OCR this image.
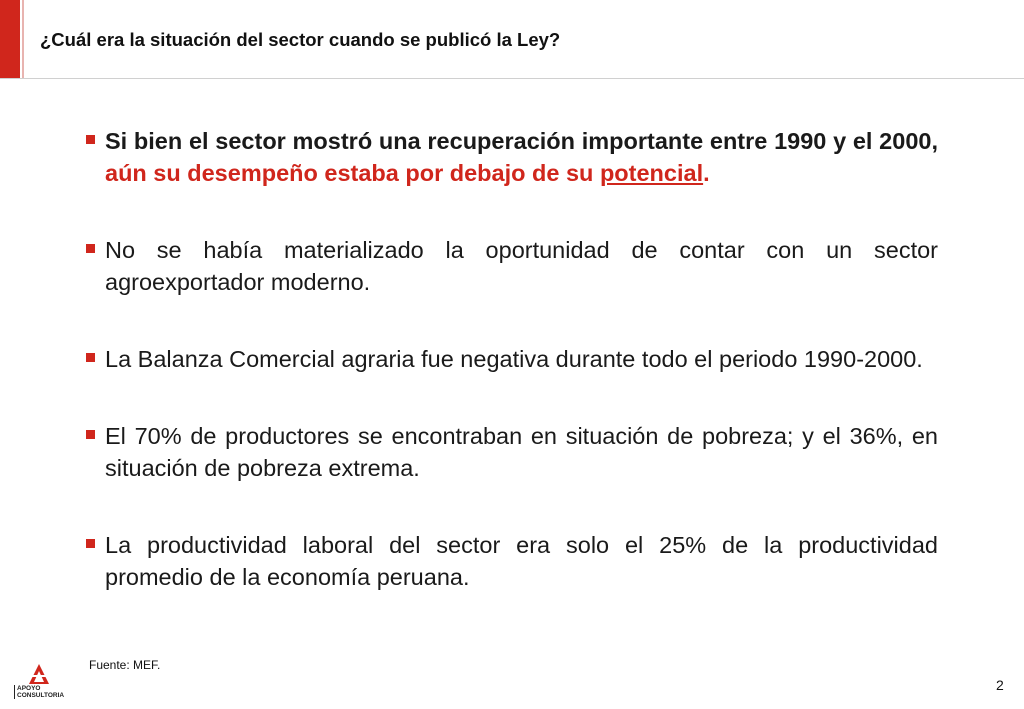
¿Cuál era la situación del sector cuando se publicó la Ley?
Si bien el sector mostró una recuperación importante entre 1990 y el 2000, aún su desempeño estaba por debajo de su potencial.
No se había materializado la oportunidad de contar con un sector agroexportador moderno.
La Balanza Comercial agraria fue negativa durante todo el periodo 1990-2000.
El 70% de productores se encontraban en situación de pobreza; y el 36%, en situación de pobreza extrema.
La productividad laboral del sector era solo el 25% de la productividad promedio de la economía peruana.
Fuente: MEF.
APOYO
CONSULTORIA
2
